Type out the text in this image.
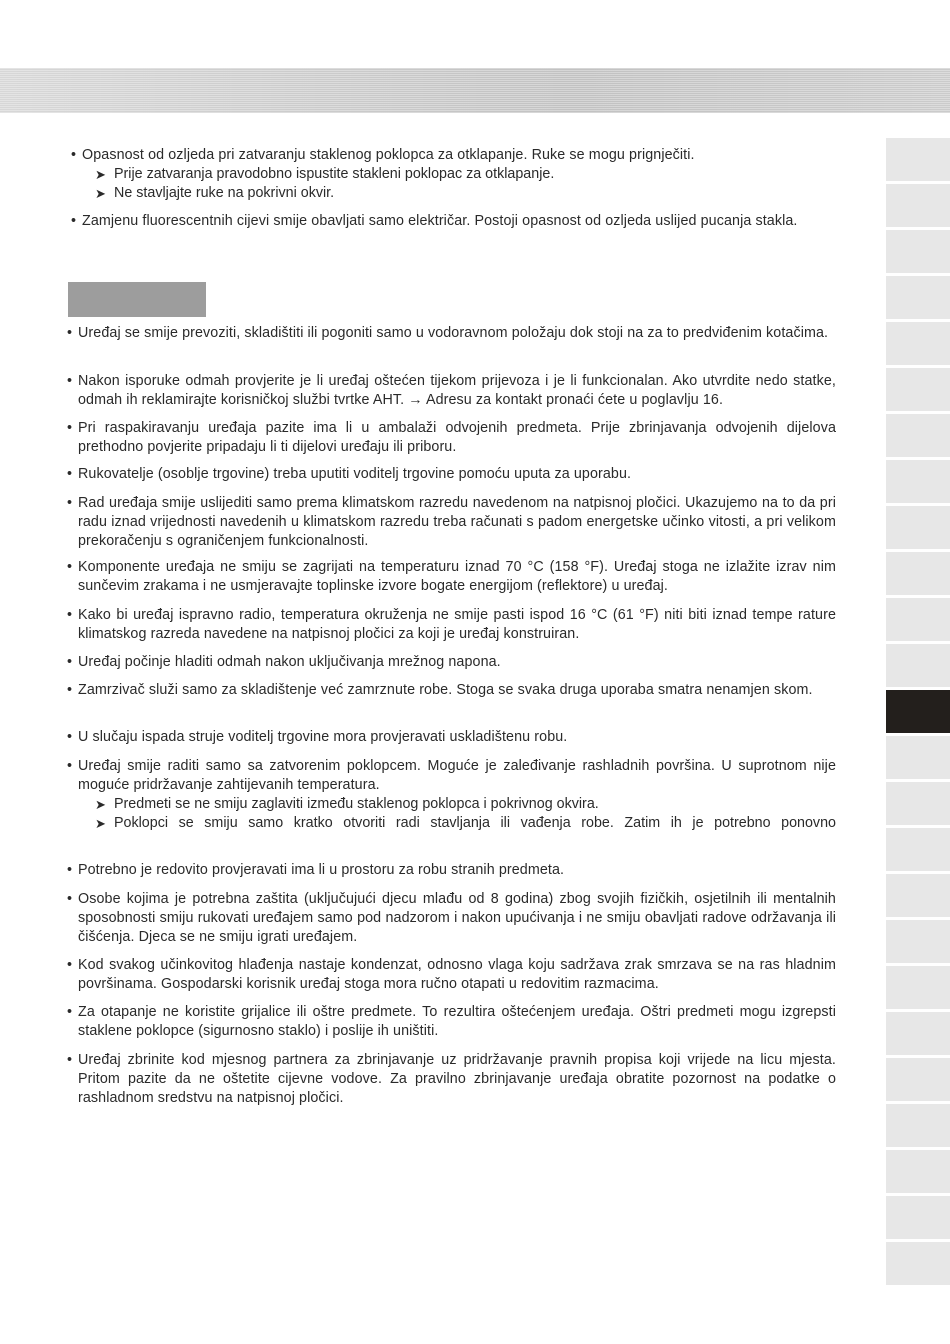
• Opasnost od ozljeda pri zatvaranju staklenog poklopca za otklapanje. Ruke se mogu prignječiti.
➤ Prije zatvaranja pravodobno ispustite stakleni poklopac za otklapanje.
➤ Ne stavljajte ruke na pokrivni okvir.
• Zamjenu fluorescentnih cijevi smije obavljati samo električar. Postoji opasnost od ozljeda uslijed pucanja stakla.
• Uređaj se smije prevoziti, skladištiti ili pogoniti samo u vodoravnom položaju dok stoji na za to predviđenim kotačima.
• Nakon isporuke odmah provjerite je li uređaj oštećen tijekom prijevoza i je li funkcionalan. Ako utvrdite nedo statke, odmah ih reklamirajte korisničkoj službi tvrtke AHT. → Adresu za kontakt pronaći ćete u poglavlju 16.
• Pri raspakiravanju uređaja pazite ima li u ambalaži odvojenih predmeta. Prije zbrinjavanja odvojenih dijelova prethodno povjerite pripadaju li ti dijelovi uređaju ili priboru.
• Rukovatelje (osoblje trgovine) treba uputiti voditelj trgovine pomoću uputa za uporabu.
• Rad uređaja smije uslijediti samo prema klimatskom razredu navedenom na natpisnoj pločici. Ukazujemo na to da pri radu iznad vrijednosti navedenih u klimatskom razredu treba računati s padom energetske učinko vitosti, a pri velikom prekoračenju s ograničenjem funkcionalnosti.
• Komponente uređaja ne smiju se zagrijati na temperaturu iznad 70 °C (158 °F). Uređaj stoga ne izlažite izrav nim sunčevim zrakama i ne usmjeravajte toplinske izvore bogate energijom (reflektore) u uređaj.
• Kako bi uređaj ispravno radio, temperatura okruženja ne smije pasti ispod 16 °C (61 °F) niti biti iznad tempe rature klimatskog razreda navedene na natpisnoj pločici za koji je uređaj konstruiran.
• Uređaj počinje hladiti odmah nakon uključivanja mrežnog napona.
• Zamrzivač služi samo za skladištenje već zamrznute robe. Stoga se svaka druga uporaba smatra nenamjen skom.
• U slučaju ispada struje voditelj trgovine mora provjeravati uskladištenu robu.
• Uređaj smije raditi samo sa zatvorenim poklopcem. Moguće je zaleđivanje rashladnih površina. U suprotnom nije moguće pridržavanje zahtijevanih temperatura.
➤ Predmeti se ne smiju zaglaviti između staklenog poklopca i pokrivnog okvira.
➤ Poklopci se smiju samo kratko otvoriti radi stavljanja ili vađenja robe. Zatim ih je potrebno ponovno
• Potrebno je redovito provjeravati ima li u prostoru za robu stranih predmeta.
• Osobe kojima je potrebna zaštita (uključujući djecu mlađu od 8 godina) zbog svojih fizičkih, osjetilnih ili mentalnih sposobnosti smiju rukovati uređajem samo pod nadzorom i nakon upućivanja i ne smiju obavljati radove održavanja ili čišćenja. Djeca se ne smiju igrati uređajem.
• Kod svakog učinkovitog hlađenja nastaje kondenzat, odnosno vlaga koju sadržava zrak smrzava se na ras hladnim površinama. Gospodarski korisnik uređaj stoga mora ručno otapati u redovitim razmacima.
• Za otapanje ne koristite grijalice ili oštre predmete. To rezultira oštećenjem uređaja. Oštri predmeti mogu izgrepsti staklene poklopce (sigurnosno staklo) i poslije ih uništiti.
• Uređaj zbrinite kod mjesnog partnera za zbrinjavanje uz pridržavanje pravnih propisa koji vrijede na licu mjesta. Pritom pazite da ne oštetite cijevne vodove. Za pravilno zbrinjavanje uređaja obratite pozornost na podatke o rashladnom sredstvu na natpisnoj pločici.
